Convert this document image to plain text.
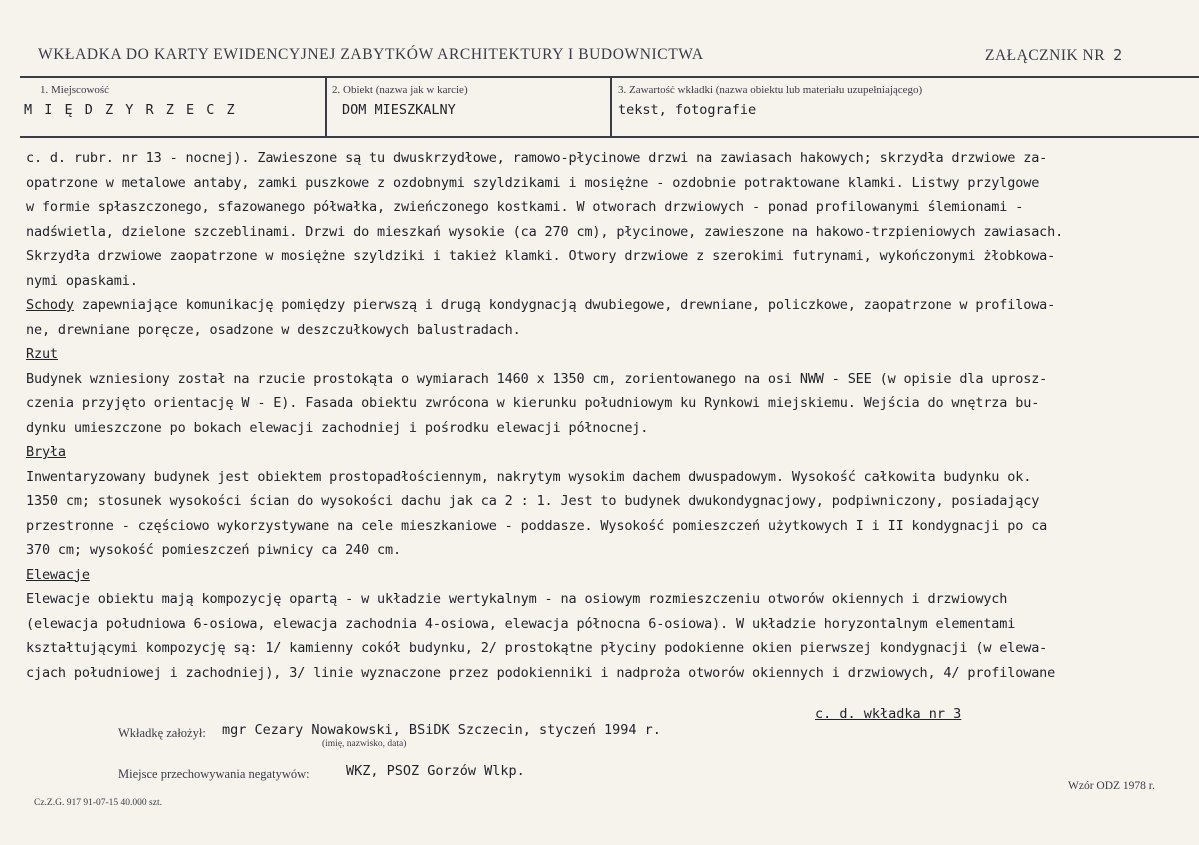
WKŁADKA DO KARTY EWIDENCYJNEJ ZABYTKÓW ARCHITEKTURY I BUDOWNICTWA	ZAŁĄCZNIK NR 2
1. Miejscowość
M I Ę D Z Y R Z E C Z
2. Obiekt (nazwa jak w karcie)
DOM MIESZKALNY
3. Zawartość wkładki (nazwa obiektu lub materiału uzupełniającego)
tekst, fotografie
c. d. rubr. nr 13 - nocnej). Zawieszone są tu dwuskrzydłowe, ramowo-płycinowe drzwi na zawiasach hakowych; skrzydła drzwiowe za-
opatrzone w metalowe antaby, zamki puszkowe z ozdobnymi szyldzikami i mosiężne - ozdobnie potraktowane klamki. Listwy przylgowe
w formie spłaszczonego, sfazowanego półwałka, zwieńczonego kostkami. W otworach drzwiowych - ponad profilowanymi ślemionami -
nadświetla, dzielone szczeblinami. Drzwi do mieszkań wysokie (ca 270 cm), płycinowe, zawieszone na hakowo-trzpieniowych zawiasach.
Skrzydła drzwiowe zaopatrzone w mosiężne szyldziki i takież klamki. Otwory drzwiowe z szerokimi futrynami, wykończonymi żłobkowa-
nymi opaskami.
Schody zapewniające komunikację pomiędzy pierwszą i drugą kondygnacją dwubiegowe, drewniane, policzkowe, zaopatrzone w profilowa-
ne, drewniane poręcze, osadzone w deszczułkowych balustradach.
Rzut
Budynek wzniesiony został na rzucie prostokąta o wymiarach 1460 x 1350 cm, zorientowanego na osi NWW - SEE (w opisie dla uprosz-
czenia przyjęto orientację W - E). Fasada obiektu zwrócona w kierunku południowym ku Rynkowi miejskiemu. Wejścia do wnętrza bu-
dynku umieszczone po bokach elewacji zachodniej i pośrodku elewacji północnej.
Bryła
Inwentaryzowany budynek jest obiektem prostopadłościennym, nakrytym wysokim dachem dwuspadowym. Wysokość całkowita budynku ok.
1350 cm; stosunek wysokości ścian do wysokości dachu jak ca 2 : 1. Jest to budynek dwukondygnacjowy, podpiwniczony, posiadający
przestronne - częściowo wykorzystywane na cele mieszkaniowe - poddasze. Wysokość pomieszczeń użytkowych I i II kondygnacji po ca
370 cm; wysokość pomieszczeń piwnicy ca 240 cm.
Elewacje
Elewacje obiektu mają kompozycję opartą - w układzie wertykalnym - na osiowym rozmieszczeniu otworów okiennych i drzwiowych
(elewacja południowa 6-osiowa, elewacja zachodnia 4-osiowa, elewacja północna 6-osiowa). W układzie horyzontalnym elementami
kształtującymi kompozycję są: 1/ kamienny cokół budynku, 2/ prostokątne płyciny podokienne okien pierwszej kondygnacji (w elewa-
cjach południowej i zachodniej), 3/ linie wyznaczone przez podokienniki i nadproża otworów okiennych i drzwiowych, 4/ profilowane
c. d. wkładka nr 3
Wkładkę założył: mgr Cezary Nowakowski, BSiDK Szczecin, styczeń 1994 r.
(imię, nazwisko, data)
Miejsce przechowywania negatywów:	WKZ, PSOZ Gorzów Wlkp.
Cz.Z.G. 917 91-07-15 40.000 szt.
Wzór ODZ 1978 r.
